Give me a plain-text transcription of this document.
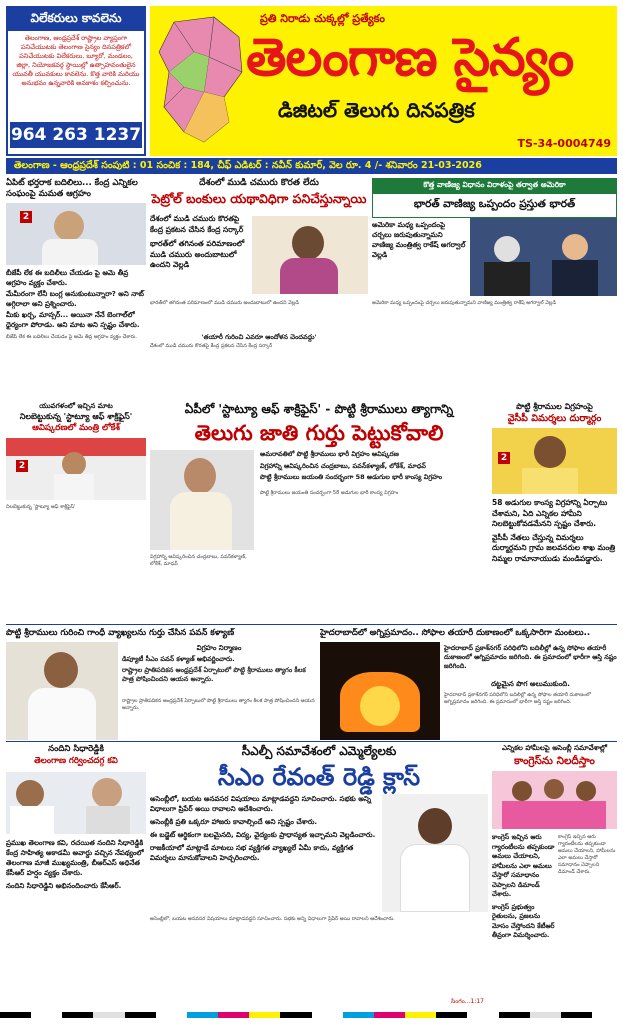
విలేకరులు కావలెను
తెలంగాణ, ఆంధ్రప్రదేశ్ రాష్ట్రాల వ్యాప్తంగా పనిచేయుటకు తెలంగాణ సైన్యం దినపత్రికలో పనిచేయుటకు విలేకరులు, బ్యూరో, మండలం, జిల్లా, నియోజకవర్గ స్థాయిల్లో ఉత్సాహవంతులైన యువతీ యువకులు కావలెను. కొత్త వారికి మరియు అనుభవం ఉన్నవారికి అవకాశం కల్పించును.
964 263 1237
ప్రతి నిరాడు చుక్కల్లో ప్రత్యేకం
తెలంగాణ సైన్యం
డిజిటల్ తెలుగు దినపత్రిక
TS-34-0004749
తెలంగాణ - ఆంధ్రప్రదేశ్ సంపుటి : 01 సంచిక : 184, చీఫ్ ఎడిటర్ : నవీన్ కుమార్, వెల రూ. 4 /- శనివారం 21-03-2026
ఏపిట్ భర్తరాక బదిలిలు... కేంద్ర ఎన్నికల సంఘంపై మమత ఆగ్రహం
2
బీజేపీ లేక ఈ బదిలీలు చేయడం పై ఆమె తీవ్ర ఆగ్రహం వ్యక్తం చేశారు.
మేమీరంగా లేనీ బంగ్ల అనుకుంటున్నారా? అని నాట్ అగ్గిరాలా అని ప్రశ్నించారు.
మీకు ఖర్చ, మాన్సర్... అయినా నేనే బెంగాల్‌లో ధైర్యంగా పోరాడు. ఆని మాట అని స్పష్టం చేశారు.
బీజేపీ లేక ఈ బదిలీలు చేయడం పై ఆమె తీవ్ర ఆగ్రహం వ్యక్తం చేశారు.
దేశంలో ముడి చమురు కొరత లేదు
పెట్రోల్ బంకులు యథావిధిగా పనిచేస్తున్నాయి
దేశంలో ముడి చమురు కొరతపై కేంద్ర ప్రకటన చేసిన కేంద్ర సర్కార్
భారత్‌లో తగినంత పరిమాణంలో ముడి చమురు అందుబాటులో ఉందని వెల్లడి
భారత్‌లో తగినంత పరిమాణంలో ముడి చమురు అందుబాటులో ఉందని వెల్లడి
'తయారీ గురించి ఎవరూ ఆందోళన చెందవద్దు'
దేశంలో ముడి చమురు కొరతపై కేంద్ర ప్రకటన చేసిన కేంద్ర సర్కార్
కొత్త వాణిజ్య విధానం విరాళంపై తర్వాత అమెరికా
భారత్ వాణిజ్య ఒప్పందం ప్రస్తుత భారత్
అమెరికా మధ్య ఒప్పందంపై చర్చలు జరుపుతున్నామని వాణిజ్య మంత్రిత్వ రాకేష్ అగర్వాల్ వెల్లడి
అమెరికా మధ్య ఒప్పందంపై చర్చలు జరుపుతున్నామని వాణిజ్య మంత్రిత్వ రాకేష్ అగర్వాల్ వెల్లడి
యువగళంలో ఇచ్చిన మాట
నిలబెట్టుకున్న 'స్టాట్యూ ఆఫ్ శాక్రిఫైస్'
ఆవిష్కరణలో మంత్రి లోకేశ్
2
నిలబెట్టుకున్న 'స్టాట్యూ ఆఫ్ శాక్రిఫైస్'
ఏపీలో 'స్టాట్యూ ఆఫ్ శాక్రిఫైస్' - పొట్టి శ్రీరాములు త్యాగాన్ని
తెలుగు జాతి గుర్తు పెట్టుకోవాలి
అమరావతిలో పొట్టి శ్రీరాములు భారీ విగ్రహం ఆవిష్కరణ
విగ్రహాన్ని ఆవిష్కరించిన చంద్రబాబు, పవన్‌కళ్యాణ్, లోకేశ్, మాధవ్
పొట్టి శ్రీరాములు జయంతి సందర్భంగా 58 అడుగుల భారీ కాంస్య విగ్రహం
పొట్టి శ్రీరాములు జయంతి సందర్భంగా 58 అడుగుల భారీ కాంస్య విగ్రహం
విగ్రహాన్ని ఆవిష్కరించిన చంద్రబాబు, పవన్‌కళ్యాణ్, లోకేశ్, మాధవ్
పొట్టి శ్రీరాముల విగ్రహంపై
వైసీపీ విమర్శలు దుర్మార్గం
2
58 అడుగుల కాంస్య విగ్రహాన్ని ఏర్పాటు చేశామని, ఏది ఎన్నికల హామీని నిలబెట్టుకోవడమేనని స్పష్టం చేశారు.
వైసీపీ నేతలు చేస్తున్న విమర్శలు దుర్మార్గమని గ్రామ జలవనరుల శాఖ మంత్రి నిమ్మల రామానాయుడు మండిపడ్డారు.
పొట్టి శ్రీరాములు గురించి గాంధీ వ్యాఖ్యలను గుర్తు చేసిన పవన్ కళ్యాణ్
విగ్రహం నిర్మాణం
డిప్యూటీ సీఎం పవన్ కళ్యాణ్ అభివర్ణించారు.
రాష్ట్రాల ప్రాతిపదికన ఆంధ్రప్రదేశ్ ఏర్పాటులో పొట్టి శ్రీరాములు త్యాగం కీలక పాత్ర పోషించిందని ఆయన అన్నారు.
రాష్ట్రాల ప్రాతిపదికన ఆంధ్రప్రదేశ్ ఏర్పాటులో పొట్టి శ్రీరాములు త్యాగం కీలక పాత్ర పోషించిందని ఆయన అన్నారు.
హైదరాబాద్‌లో అగ్నిప్రమాదం.. సోఫాల తయారీ దుకాణంలో ఒక్కసారిగా మంటలు..
హైదరాబాద్ ప్రకాశ్‌నగర్ పరిధిలోని బదిలీల్లో ఉన్న సోఫాల తయారీ దుకాణంలో అగ్నిప్రమాదం జరిగింది. ఈ ప్రమాదంలో భారీగా ఆస్తి నష్టం జరిగింది.
దట్టమైన పొగ అలుముకుంది.
హైదరాబాద్ ప్రకాశ్‌నగర్ పరిధిలోని బదిలీల్లో ఉన్న సోఫాల తయారీ దుకాణంలో అగ్నిప్రమాదం జరిగింది. ఈ ప్రమాదంలో భారీగా ఆస్తి నష్టం జరిగింది.
నందిని సిధారెడ్డికి
తెలంగాణ గర్వించదగ్గ కవి
ప్రముఖ తెలంగాణ కవి, రచయిత నందిని సిధారెడ్డికి కేంద్ర సాహిత్య అకాడమీ అవార్డు వచ్చిన నేపథ్యంలో తెలంగాణ మాజీ ముఖ్యమంత్రి, బీఆర్ఎస్ అధినేత కేసీఆర్ హర్షం వ్యక్తం చేశారు.
నందిని సిధారెడ్డిని అభినందించారు కేసీఆర్.
సీఎల్పీ సమావేశంలో ఎమ్మెల్యేలకు
సీఎం రేవంత్ రెడ్డి క్లాస్
అసెంబ్లీలో, బయట అనవసర విషయాలు మాట్లాడవద్దని సూచించారు. సభకు అన్ని విధాలుగా ప్రిపేర్ అయి రావాలని ఆదేశించారు.
అసెంబ్లీకి ప్రతి ఒక్కరూ హాజరు కావాల్సిందే అని స్పష్టం చేశారు.
ఈ బడ్జెట్ ఆర్థికంగా బలమైనది, విద్య, వైద్యంకు ప్రాధాన్యత ఇచ్చామని వెల్లడించారు.
రాజకీయాలో మాట్లాడే మాటలు సభ వ్యక్తిగత వ్యాఖ్యలే ఏమీ కాదు, వ్యక్తిగత విమర్శలు మానుకోవాలని హెచ్చరించారు.
అసెంబ్లీలో, బయట అనవసర విషయాలు మాట్లాడవద్దని సూచించారు. సభకు అన్ని విధాలుగా ప్రిపేర్ అయి రావాలని ఆదేశించారు.
సింగం...1:17
ఎన్నికల హామీలపై అసెంబ్లీ సమావేశాల్లో
కాంగ్రెస్‌ను నిలదీస్తాం
కాంగ్రెస్ ఇచ్చిన ఆరు గ్యారంటీలను తప్పకుండా అమలు చేయాలని, హామీలను ఎలా అమలు చేస్తారో సమాధానం చెప్పాలని డిమాండ్ చేశారు.
కాంగ్రెస్ ప్రభుత్వం రైతులను, ప్రజలను మోసం చేస్తోందని కేటీఆర్ తీవ్రంగా విమర్శించారు.
కాంగ్రెస్ ఇచ్చిన ఆరు గ్యారంటీలను తప్పకుండా అమలు చేయాలని, హామీలను ఎలా అమలు చేస్తారో సమాధానం చెప్పాలని డిమాండ్ చేశారు.
